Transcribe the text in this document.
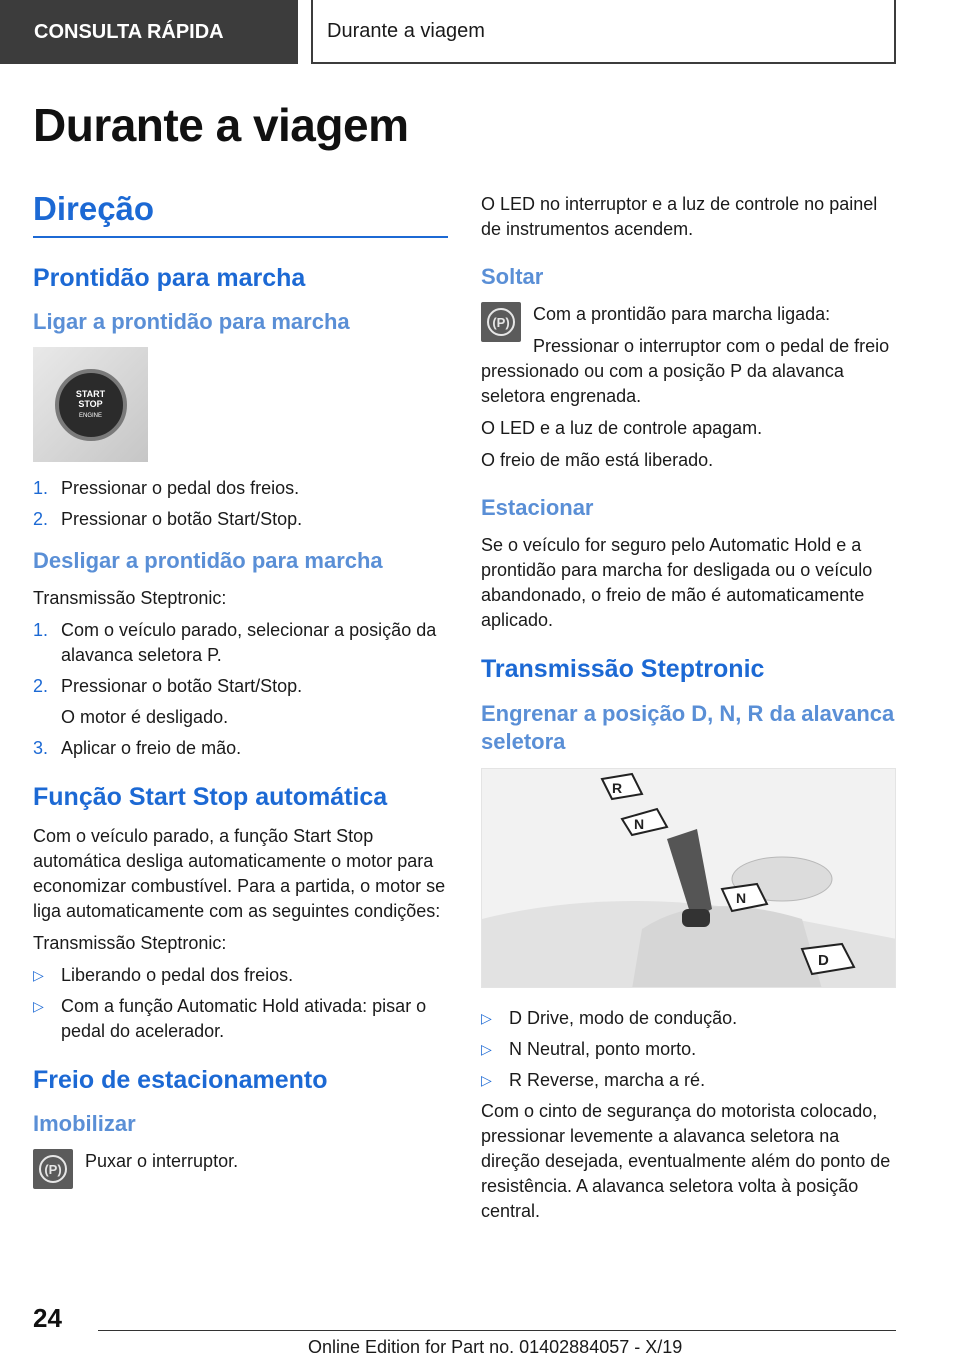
CONSULTA RÁPIDA	Durante a viagem
Durante a viagem
Direção
Prontidão para marcha
Ligar a prontidão para marcha
START
STOP
ENGINE
1. Pressionar o pedal dos freios.
2. Pressionar o botão Start/Stop.
Desligar a prontidão para marcha

Transmissão Steptronic:

1. Com o veículo parado, selecionar a posição da alavanca seletora P.
2. Pressionar o botão Start/Stop.
O motor é desligado.
3. Aplicar o freio de mão.
Função Start Stop automática

Com o veículo parado, a função Start Stop automática desliga automaticamente o motor para economizar combustível. Para a partida, o motor se liga automaticamente com as seguintes condições:

Transmissão Steptronic:

▷ Liberando o pedal dos freios.
▷ Com a função Automatic Hold ativada: pisar o pedal do acelerador.
Freio de estacionamento
Imobilizar
(P)	Puxar o interruptor.

O LED no interruptor e a luz de controle no painel de instrumentos acendem.

Soltar
(P)	Com a prontidão para marcha ligada:

Pressionar o interruptor com o pedal de freio pressionado ou com a posição P da alavanca seletora engrenada.

O LED e a luz de controle apagam.

O freio de mão está liberado.

Estacionar

Se o veículo for seguro pelo Automatic Hold e a prontidão para marcha for desligada ou o veículo abandonado, o freio de mão é automaticamente aplicado.

Transmissão Steptronic
Engrenar a posição D, N, R da alavanca seletora
R
N
N
D
▷ D Drive, modo de condução.
▷ N Neutral, ponto morto.
▷ R Reverse, marcha a ré.

Com o cinto de segurança do motorista colocado, pressionar levemente a alavanca seletora na direção desejada, eventualmente além do ponto de resistência. A alavanca seletora volta à posição central.

24
Online Edition for Part no. 01402884057 - X/19
